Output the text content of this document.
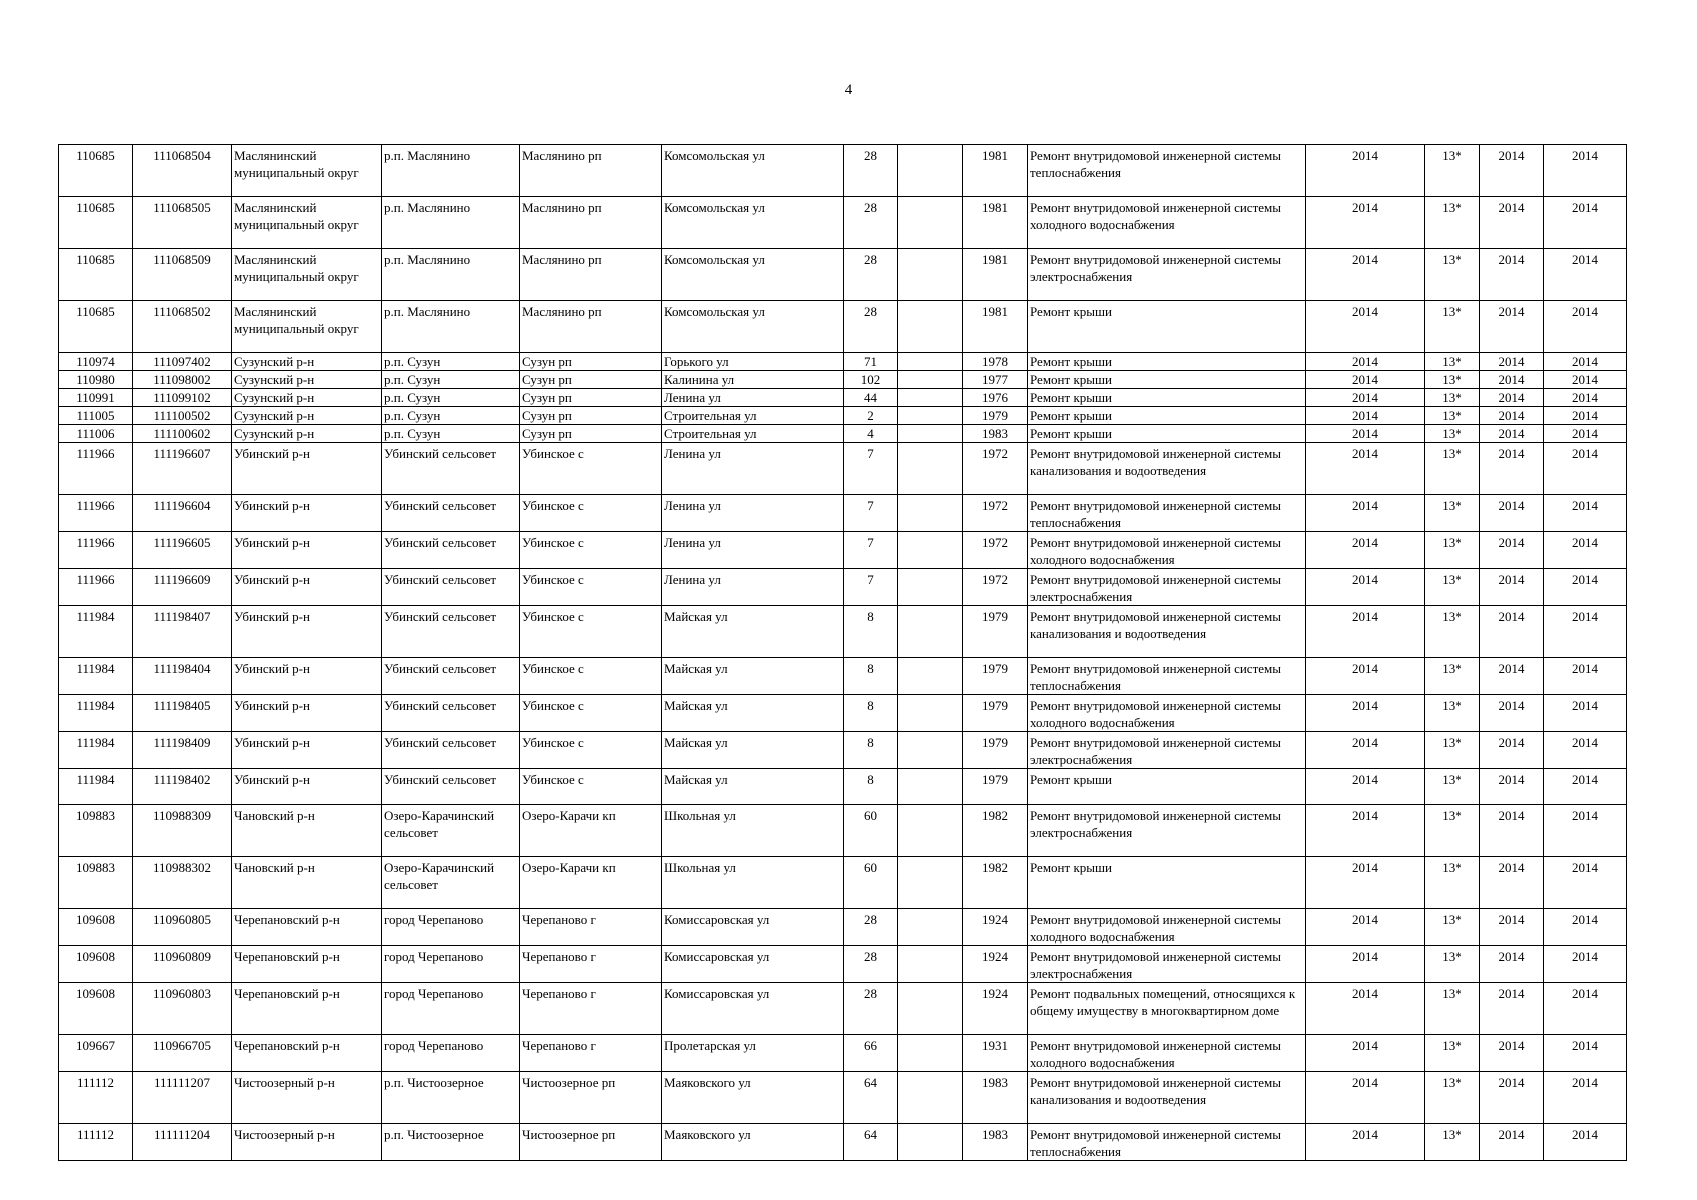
4
110685	111068504	Маслянинский муниципальный округ	р.п. Маслянино	Маслянино рп	Комсомольская ул	28		1981	Ремонт внутридомовой инженерной системы теплоснабжения	2014	13*	2014	2014
110685	111068505	Маслянинский муниципальный округ	р.п. Маслянино	Маслянино рп	Комсомольская ул	28		1981	Ремонт внутридомовой инженерной системы холодного водоснабжения	2014	13*	2014	2014
110685	111068509	Маслянинский муниципальный округ	р.п. Маслянино	Маслянино рп	Комсомольская ул	28		1981	Ремонт внутридомовой инженерной системы электроснабжения	2014	13*	2014	2014
110685	111068502	Маслянинский муниципальный округ	р.п. Маслянино	Маслянино рп	Комсомольская ул	28		1981	Ремонт крыши	2014	13*	2014	2014
110974	111097402	Сузунский р-н	р.п. Сузун	Сузун рп	Горького ул	71		1978	Ремонт крыши	2014	13*	2014	2014
110980	111098002	Сузунский р-н	р.п. Сузун	Сузун рп	Калинина ул	102		1977	Ремонт крыши	2014	13*	2014	2014
110991	111099102	Сузунский р-н	р.п. Сузун	Сузун рп	Ленина ул	44		1976	Ремонт крыши	2014	13*	2014	2014
111005	111100502	Сузунский р-н	р.п. Сузун	Сузун рп	Строительная ул	2		1979	Ремонт крыши	2014	13*	2014	2014
111006	111100602	Сузунский р-н	р.п. Сузун	Сузун рп	Строительная ул	4		1983	Ремонт крыши	2014	13*	2014	2014
111966	111196607	Убинский р-н	Убинский сельсовет	Убинское с	Ленина ул	7		1972	Ремонт внутридомовой инженерной системы канализования и водоотведения	2014	13*	2014	2014
111966	111196604	Убинский р-н	Убинский сельсовет	Убинское с	Ленина ул	7		1972	Ремонт внутридомовой инженерной системы теплоснабжения	2014	13*	2014	2014
111966	111196605	Убинский р-н	Убинский сельсовет	Убинское с	Ленина ул	7		1972	Ремонт внутридомовой инженерной системы холодного водоснабжения	2014	13*	2014	2014
111966	111196609	Убинский р-н	Убинский сельсовет	Убинское с	Ленина ул	7		1972	Ремонт внутридомовой инженерной системы электроснабжения	2014	13*	2014	2014
111984	111198407	Убинский р-н	Убинский сельсовет	Убинское с	Майская ул	8		1979	Ремонт внутридомовой инженерной системы канализования и водоотведения	2014	13*	2014	2014
111984	111198404	Убинский р-н	Убинский сельсовет	Убинское с	Майская ул	8		1979	Ремонт внутридомовой инженерной системы теплоснабжения	2014	13*	2014	2014
111984	111198405	Убинский р-н	Убинский сельсовет	Убинское с	Майская ул	8		1979	Ремонт внутридомовой инженерной системы холодного водоснабжения	2014	13*	2014	2014
111984	111198409	Убинский р-н	Убинский сельсовет	Убинское с	Майская ул	8		1979	Ремонт внутридомовой инженерной системы электроснабжения	2014	13*	2014	2014
111984	111198402	Убинский р-н	Убинский сельсовет	Убинское с	Майская ул	8		1979	Ремонт крыши	2014	13*	2014	2014
109883	110988309	Чановский р-н	Озеро-Карачинский сельсовет	Озеро-Карачи кп	Школьная ул	60		1982	Ремонт внутридомовой инженерной системы электроснабжения	2014	13*	2014	2014
109883	110988302	Чановский р-н	Озеро-Карачинский сельсовет	Озеро-Карачи кп	Школьная ул	60		1982	Ремонт крыши	2014	13*	2014	2014
109608	110960805	Черепановский р-н	город Черепаново	Черепаново г	Комиссаровская ул	28		1924	Ремонт внутридомовой инженерной системы холодного водоснабжения	2014	13*	2014	2014
109608	110960809	Черепановский р-н	город Черепаново	Черепаново г	Комиссаровская ул	28		1924	Ремонт внутридомовой инженерной системы электроснабжения	2014	13*	2014	2014
109608	110960803	Черепановский р-н	город Черепаново	Черепаново г	Комиссаровская ул	28		1924	Ремонт подвальных помещений, относящихся к общему имуществу в многоквартирном доме	2014	13*	2014	2014
109667	110966705	Черепановский р-н	город Черепаново	Черепаново г	Пролетарская ул	66		1931	Ремонт внутридомовой инженерной системы холодного водоснабжения	2014	13*	2014	2014
111112	111111207	Чистоозерный р-н	р.п. Чистоозерное	Чистоозерное рп	Маяковского ул	64		1983	Ремонт внутридомовой инженерной системы канализования и водоотведения	2014	13*	2014	2014
111112	111111204	Чистоозерный р-н	р.п. Чистоозерное	Чистоозерное рп	Маяковского ул	64		1983	Ремонт внутридомовой инженерной системы теплоснабжения	2014	13*	2014	2014
